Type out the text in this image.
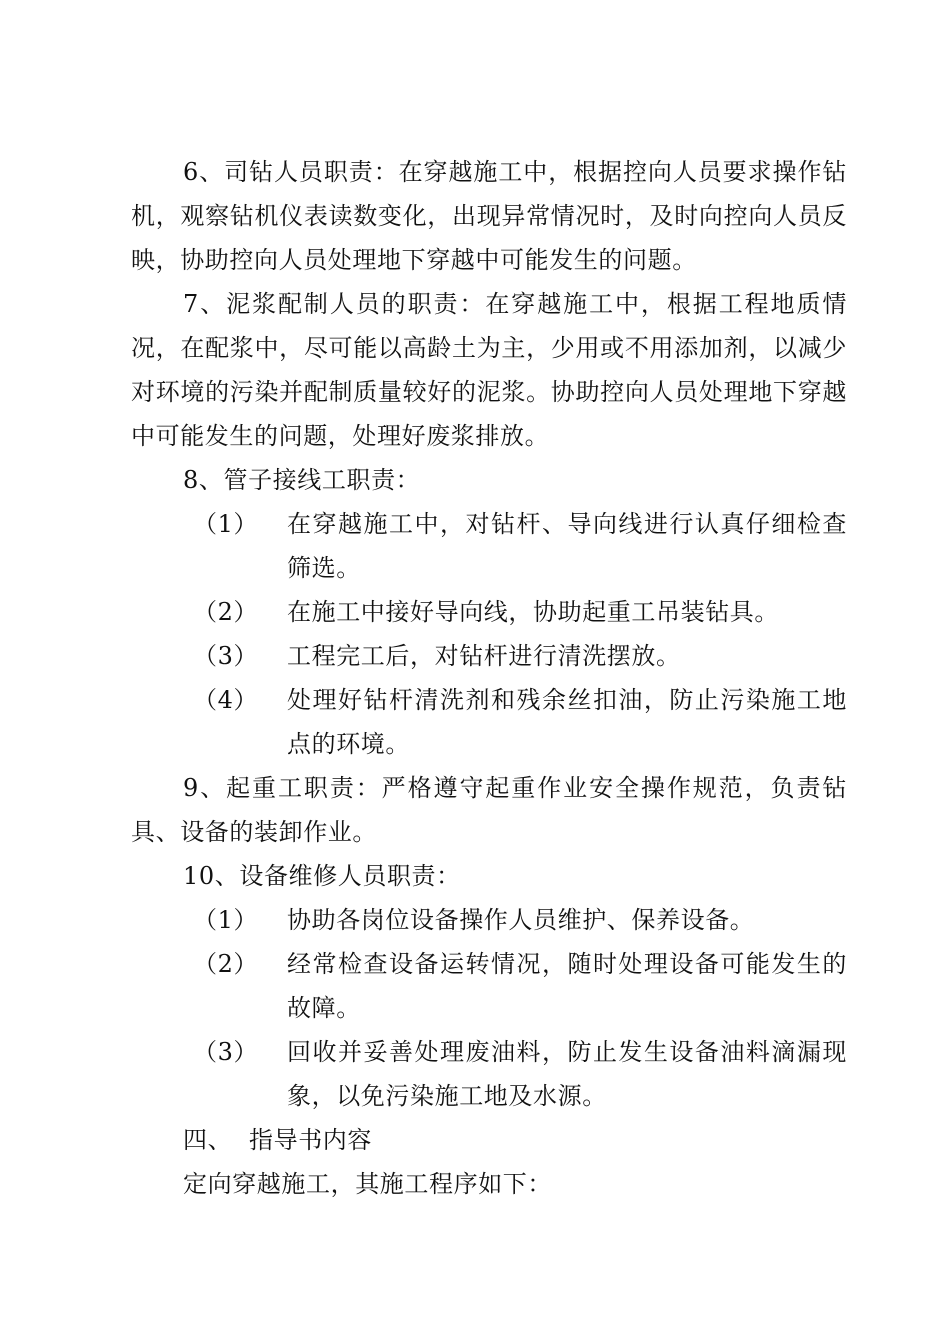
6、司钻人员职责：在穿越施工中，根据控向人员要求操作钻机，观察钻机仪表读数变化，出现异常情况时，及时向控向人员反映，协助控向人员处理地下穿越中可能发生的问题。

7、泥浆配制人员的职责：在穿越施工中，根据工程地质情况，在配浆中，尽可能以高龄土为主，少用或不用添加剂，以减少对环境的污染并配制质量较好的泥浆。协助控向人员处理地下穿越中可能发生的问题，处理好废浆排放。

8、管子接线工职责：

（1）	在穿越施工中，对钻杆、导向线进行认真仔细检查筛选。
（2）	在施工中接好导向线，协助起重工吊装钻具。
（3）	工程完工后，对钻杆进行清洗摆放。
（4）	处理好钻杆清洗剂和残余丝扣油，防止污染施工地点的环境。

9、起重工职责：严格遵守起重作业安全操作规范，负责钻具、设备的装卸作业。

10、设备维修人员职责：

（1）	协助各岗位设备操作人员维护、保养设备。
（2）	经常检查设备运转情况，随时处理设备可能发生的故障。
（3）	回收并妥善处理废油料，防止发生设备油料滴漏现象，以免污染施工地及水源。
四、 指导书内容

定向穿越施工，其施工程序如下：
